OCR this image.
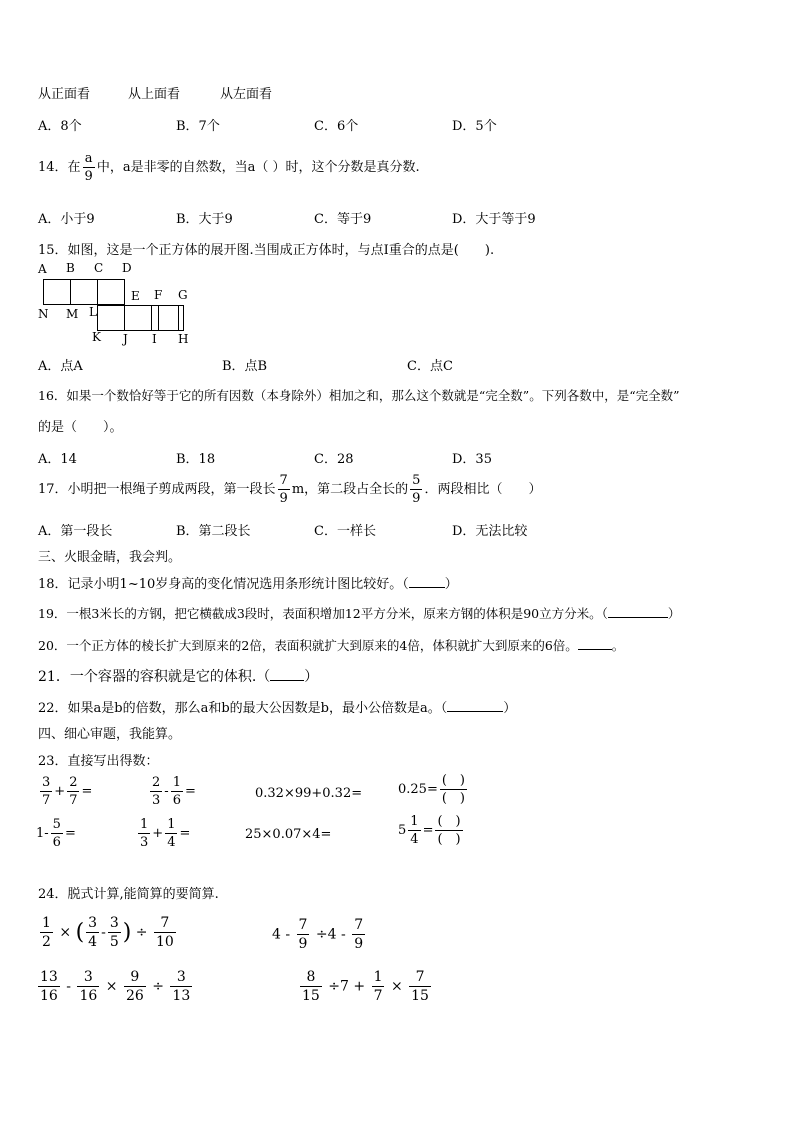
从正面看	从上面看	从左面看
A．8个	B．7个	C．6个	D．5个
14．在 $\frac{a}{9}$ 中，a是非零的自然数，当a（ ）时，这个分数是真分数.
A．小于9	B．大于9	C．等于9	D．大于等于9
15．如图，这是一个正方体的展开图.当围成正方体时，与点I重合的点是(　　).
A B C D
E F G
N M L
K J I H
A．点A	B．点B	C．点C
16．如果一个数恰好等于它的所有因数（本身除外）相加之和，那么这个数就是“完全数”。下列各数中，是“完全数”
的是（　　）。
A．14	B．18	C．28	D．35
17．小明把一根绳子剪成两段，第一段长 $\frac{7}{9}$ m，第二段占全长的 $\frac{5}{9}$ ．两段相比（　　）
A．第一段长	B．第二段长	C．一样长	D．无法比较
三、火眼金睛，我会判。
18．记录小明1~10岁身高的变化情况选用条形统计图比较好。（	）
19．一根3米长的方钢，把它横截成3段时，表面积增加12平方分米，原来方钢的体积是90立方分米。（	）
20．一个正方体的棱长扩大到原来的2倍，表面积就扩大到原来的4倍，体积就扩大到原来的6倍。	。
21．一个容器的容积就是它的体积.（ ）
22．如果a是b的倍数，那么a和b的最大公因数是b，最小公倍数是a。（	）
四、细心审题，我能算。
23．直接写出得数：
$\frac{3}{7} + \frac{2}{7}$ =	$\frac{2}{3} - \frac{1}{6}$ =	0.32×99+0.32=	$0.25= \frac{( )}{( )}$
$1- \frac{5}{6}$ =	$\frac{1}{3} + \frac{1}{4}$ =	25×0.07×4=	$5 \frac{1}{4} = \frac{( )}{( )}$
24．脱式计算,能简算的要简算.
$\frac{1}{2}$ × ( $\frac{3}{4} - \frac{3}{5}$ ) ÷ $\frac{7}{10}$	$4 - \frac{7}{9} \div 4 - \frac{7}{9}$
$\frac{13}{16} - \frac{3}{16} \times \frac{9}{26} \div \frac{3}{13}$	$\frac{8}{15} \div 7 + \frac{1}{7} \times \frac{7}{15}$
